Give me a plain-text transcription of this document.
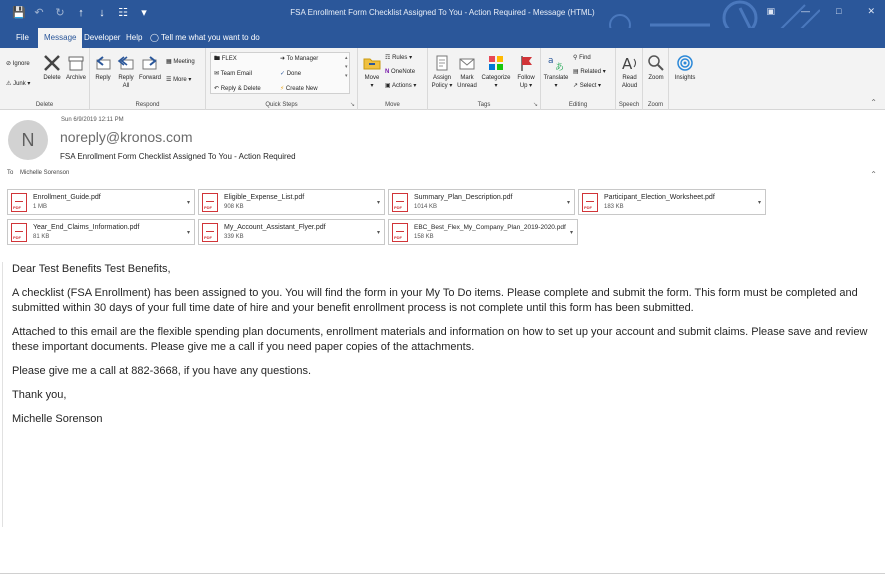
💾 ↶ ↻ ↑ ↓ ☷ ▾	FSA Enrollment Form Checklist Assigned To You - Action Required - Message (HTML)	▣	—	□	✕
File	Message Developer Help ◯ Tell me what you want to do
⊘ Ignore
⚠ Junk ▾
Delete Archive
Delete
Reply	Reply
All
Forward
▦ Meeting
☰ More ▾
Respond
🖿 FLEX
✉ Team Email
↶ Reply & Delete
➜ To Manager
✓ Done
⚡ Create New
▴
▾
▾
Quick Steps	↘
Move
▾
☶ Rules ▾
N OneNote
▣ Actions ▾
Move
Assign
Policy ▾
Mark
Unread
Categorize
▾
Follow
Up ▾
Tags	↘
a
あ
Translate
▾
⚲ Find
▤ Related ▾
↗ Select ▾
Editing
A
Read
Aloud
Speech
Zoom
Zoom
Insights
⌃
N
Sun 6/9/2019 12:11 PM
noreply@kronos.com
FSA Enrollment Form Checklist Assigned To You - Action Required
To Michelle Sorenson	⌃
PDF
Enrollment_Guide.pdf
1 MB
▾
PDF
Eligible_Expense_List.pdf
908 KB
▾
PDF
Summary_Plan_Description.pdf
1014 KB
▾
PDF
Participant_Election_Worksheet.pdf
183 KB
▾
PDF
Year_End_Claims_Information.pdf
81 KB
▾
PDF
My_Account_Assistant_Flyer.pdf
339 KB
▾
PDF
EBC_Best_Flex_My_Company_Plan_2019-2020.pdf
158 KB
▾

Dear Test Benefits Test Benefits,

A checklist (FSA Enrollment) has been assigned to you. You will find the form in your My To Do items. Please complete and submit the form. This form must be completed and submitted within 30 days of your full time date of hire and your benefit enrollment process is not complete until this form has been submitted.

Attached to this email are the flexible spending plan documents, enrollment materials and information on how to set up your account and submit claims. Please save and review these important documents. Please give me a call if you need paper copies of the attachments.

Please give me a call at 882-3668, if you have any questions.

Thank you,

Michelle Sorenson
